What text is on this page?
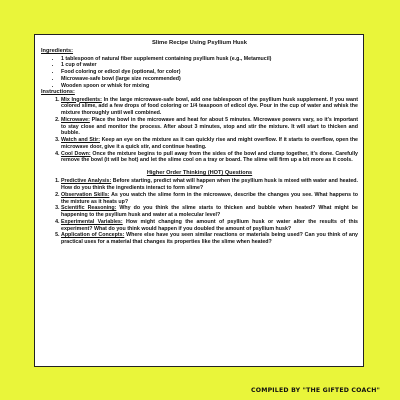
Slime Recipe Using Psyllium Husk
Ingredients:
• 1 tablespoon of natural fiber supplement containing psyllium husk (e.g., Metamucil)
• 1 cup of water
• Food coloring or edicol dye (optional, for color)
• Microwave-safe bowl (large size recommended)
• Wooden spoon or whisk for mixing
Instructions:
1. Mix Ingredients: In the large microwave-safe bowl, add one tablespoon of the psyllium husk supplement. If you want colored slime, add a few drops of food coloring or 1/4 teaspoon of edicol dye. Pour in the cup of water and whisk the mixture thoroughly until well combined.
2. Microwave: Place the bowl in the microwave and heat for about 5 minutes. Microwave powers vary, so it's important to stay close and monitor the process. After about 3 minutes, stop and stir the mixture. It will start to thicken and bubble.
3. Watch and Stir: Keep an eye on the mixture as it can quickly rise and might overflow. If it starts to overflow, open the microwave door, give it a quick stir, and continue heating.
4. Cool Down: Once the mixture begins to pull away from the sides of the bowl and clump together, it's done. Carefully remove the bowl (it will be hot) and let the slime cool on a tray or board. The slime will firm up a bit more as it cools.
Higher Order Thinking (HOT) Questions
1. Predictive Analysis: Before starting, predict what will happen when the psyllium husk is mixed with water and heated. How do you think the ingredients interact to form slime?
2. Observation Skills: As you watch the slime form in the microwave, describe the changes you see. What happens to the mixture as it heats up?
3. Scientific Reasoning: Why do you think the slime starts to thicken and bubble when heated? What might be happening to the psyllium husk and water at a molecular level?
4. Experimental Variables: How might changing the amount of psyllium husk or water alter the results of this experiment? What do you think would happen if you doubled the amount of psyllium husk?
5. Application of Concepts: Where else have you seen similar reactions or materials being used? Can you think of any practical uses for a material that changes its properties like the slime when heated?
COMPILED BY "THE GIFTED COACH"
